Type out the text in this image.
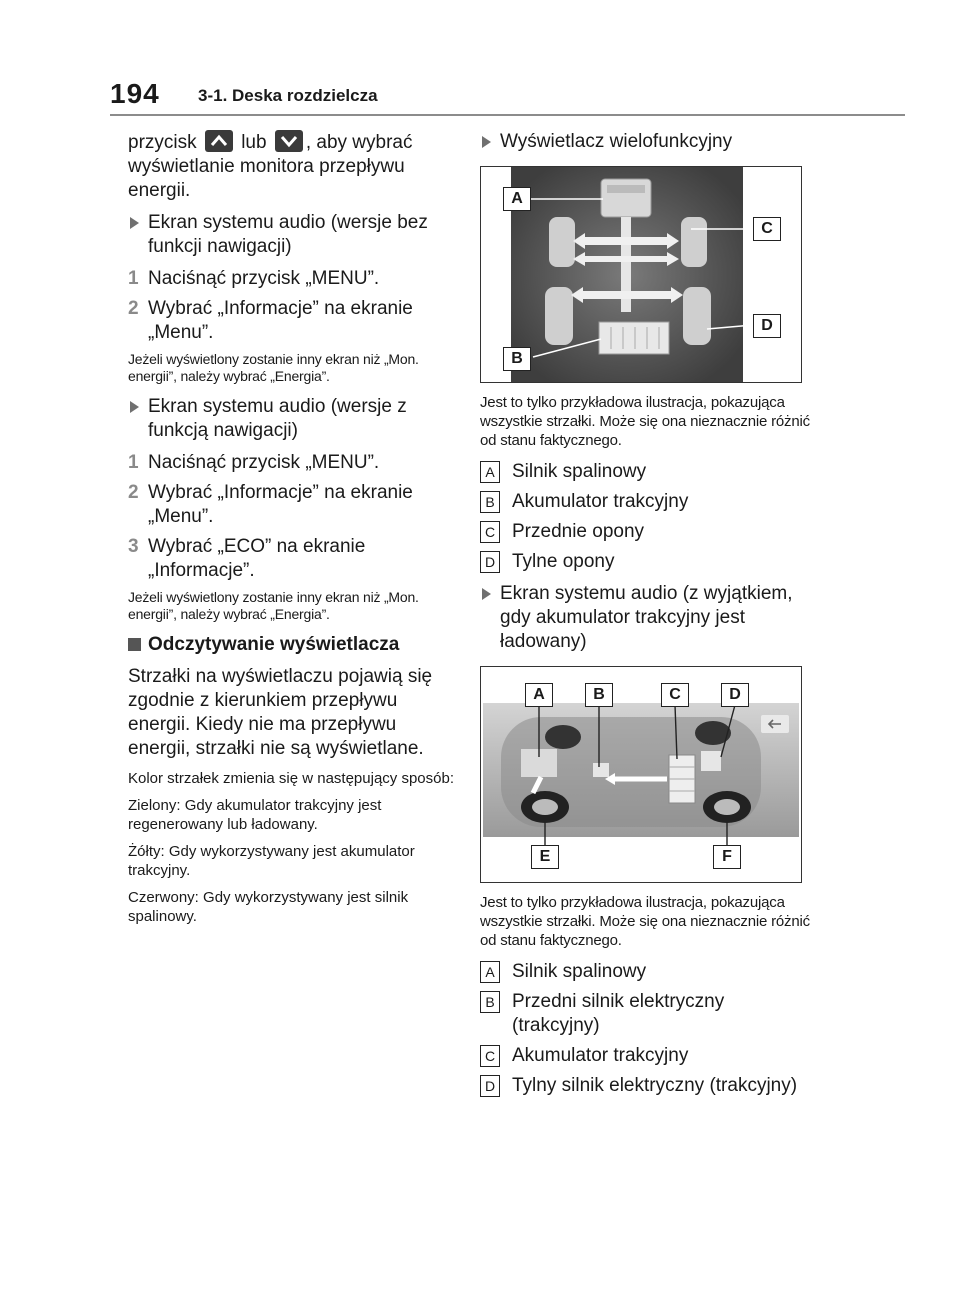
194 3-1. Deska rozdzielcza

przycisk lub , aby wybrać wyświetlanie monitora przepływu energii.

Ekran systemu audio (wersje bez funkcji nawigacji)
1 Naciśnąć przycisk „MENU”.
2 Wybrać „Informacje” na ekranie „Menu”.

Jeżeli wyświetlony zostanie inny ekran niż „Mon. energii”, należy wybrać „Energia”.

Ekran systemu audio (wersje z funkcją nawigacji)
1 Naciśnąć przycisk „MENU”.
2 Wybrać „Informacje” na ekranie „Menu”.
3 Wybrać „ECO” na ekranie „Informacje”.

Jeżeli wyświetlony zostanie inny ekran niż „Mon. energii”, należy wybrać „Energia”.

Odczytywanie wyświetlacza

Strzałki na wyświetlaczu pojawią się zgodnie z kierunkiem przepływu energii. Kiedy nie ma przepływu energii, strzałki nie są wyświetlane.

Kolor strzałek zmienia się w następujący sposób:

Zielony: Gdy akumulator trakcyjny jest regenerowany lub ładowany.

Żółty: Gdy wykorzystywany jest akumulator trakcyjny.

Czerwony: Gdy wykorzystywany jest silnik spalinowy.

Wyświetlacz wielofunkcyjny
A
B
C
D

Jest to tylko przykładowa ilustracja, pokazująca wszystkie strzałki. Może się ona nieznacznie różnić od stanu faktycznego.

A Silnik spalinowy
B Akumulator trakcyjny
C Przednie opony
D Tylne opony
Ekran systemu audio (z wyjątkiem, gdy akumulator trakcyjny jest ładowany)
A	B	C	D
E	F

Jest to tylko przykładowa ilustracja, pokazująca wszystkie strzałki. Może się ona nieznacznie różnić od stanu faktycznego.

A Silnik spalinowy
B Przedni silnik elektryczny (trakcyjny)
C Akumulator trakcyjny
D Tylny silnik elektryczny (trakcyjny)
